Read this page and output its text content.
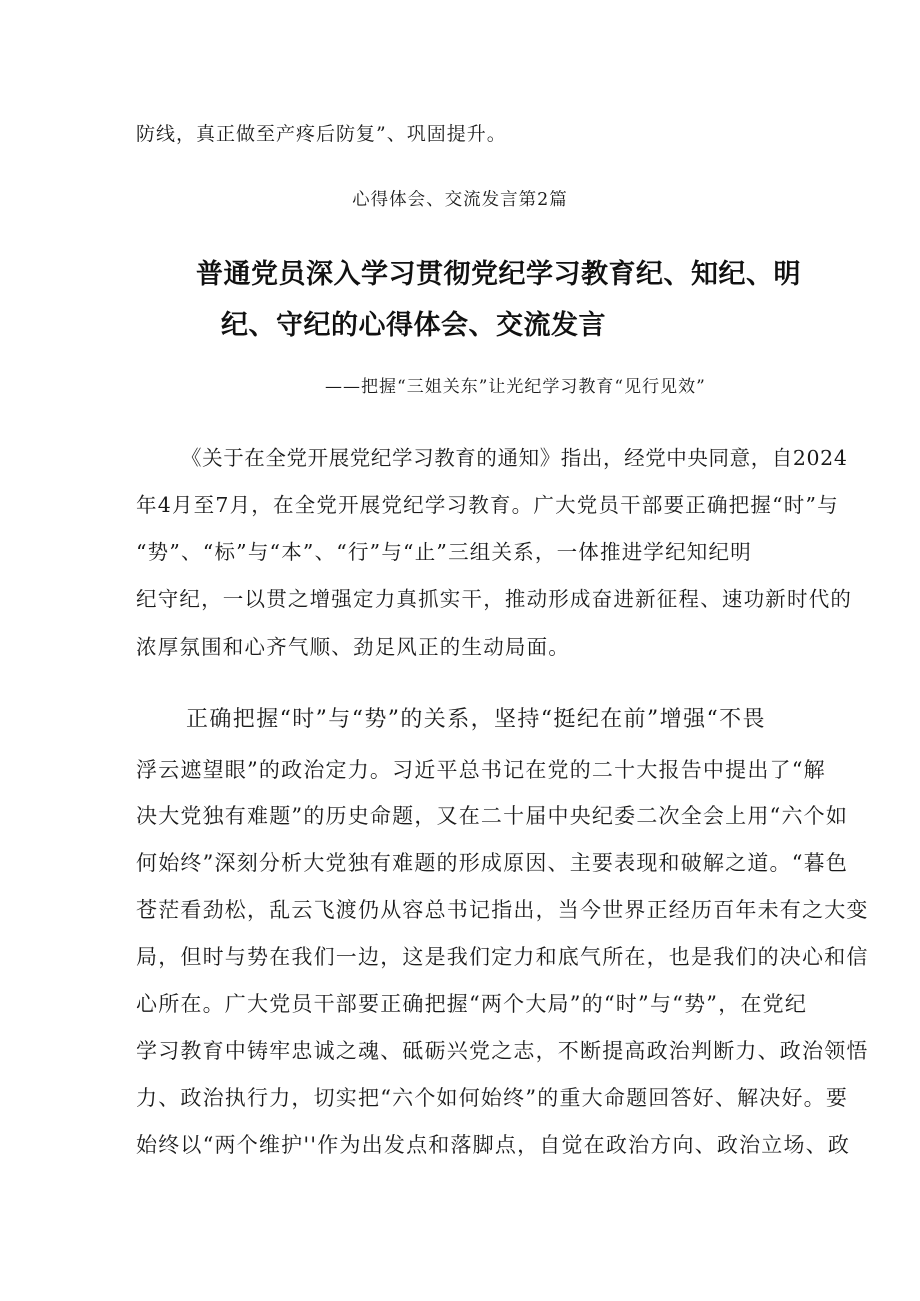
防线，真正做至产疼后防复”、巩固提升。
心得体会、交流发言第2篇
普通党员深入学习贯彻党纪学习教育纪、知纪、明
纪、守纪的心得体会、交流发言
——把握“三姐关东”让光纪学习教育“见行见效”
《关于在全党开展党纪学习教育的通知》指出，经党中央同意，自2024
年4月至7月，在全党开展党纪学习教育。广大党员干部要正确把握“时”与
“势”、“标”与“本”、“行”与“止”三组关系，一体推进学纪知纪明
纪守纪，一以贯之增强定力真抓实干，推动形成奋进新征程、速功新时代的
浓厚氛围和心齐气顺、劲足风正的生动局面。
正确把握“时”与“势”的关系，坚持“挺纪在前”增强“不畏
浮云遮望眼”的政治定力。习近平总书记在党的二十大报告中提出了“解
决大党独有难题”的历史命题，又在二十届中央纪委二次全会上用“六个如
何始终”深刻分析大党独有难题的形成原因、主要表现和破解之道。“暮色
苍茫看劲松，乱云飞渡仍从容总书记指出，当今世界正经历百年未有之大变
局，但时与势在我们一边，这是我们定力和底气所在，也是我们的决心和信
心所在。广大党员干部要正确把握“两个大局”的“时”与“势”，在党纪
学习教育中铸牢忠诚之魂、砥砺兴党之志，不断提高政治判断力、政治领悟
力、政治执行力，切实把“六个如何始终”的重大命题回答好、解决好。要
始终以“两个维护''作为出发点和落脚点，自觉在政治方向、政治立场、政
